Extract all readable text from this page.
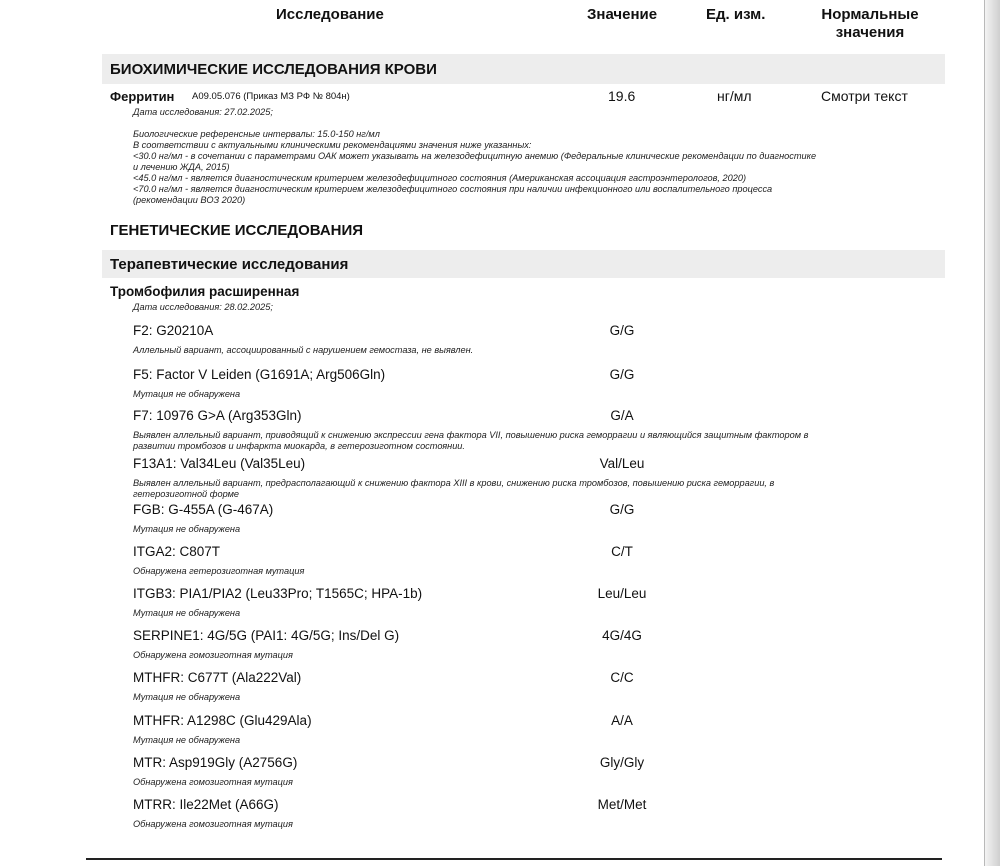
Исследование	Значение	Ед. изм.	Нормальные
значения
БИОХИМИЧЕСКИЕ ИССЛЕДОВАНИЯ КРОВИ
Ферритин A09.05.076 (Приказ МЗ РФ № 804н)	19.6	нг/мл	Смотри текст
Дата исследования: 27.02.2025;
Биологические референсные интервалы: 15.0-150 нг/мл
В соответствии с актуальными клиническими рекомендациями значения ниже указанных:
<30.0 нг/мл - в сочетании с параметрами ОАК может указывать на железодефицитную анемию (Федеральные клинические рекомендации по диагностике
и лечению ЖДА, 2015)
<45.0 нг/мл - является диагностическим критерием железодефицитного состояния (Американская ассоциация гастроэнтерологов, 2020)
<70.0 нг/мл - является диагностическим критерием железодефицитного состояния при наличии инфекционного или воспалительного процесса
(рекомендации ВОЗ 2020)
ГЕНЕТИЧЕСКИЕ ИССЛЕДОВАНИЯ
Терапевтические исследования
Тромбофилия расширенная
Дата исследования: 28.02.2025;
F2: G20210A	G/G
Аллельный вариант, ассоциированный с нарушением гемостаза, не выявлен.
F5: Factor V Leiden (G1691A; Arg506Gln)	G/G
Мутация не обнаружена
F7: 10976 G>A (Arg353Gln)	G/A
Выявлен аллельный вариант, приводящий к снижению экспрессии гена фактора VII, повышению риска геморрагии и являющийся защитным фактором в
развитии тромбозов и инфаркта миокарда, в гетерозиготном состоянии.
F13A1: Val34Leu (Val35Leu)	Val/Leu
Выявлен аллельный вариант, предрасполагающий к снижению фактора XIII в крови, снижению риска тромбозов, повышению риска геморрагии, в
гетерозиготной форме
FGB: G-455A (G-467A)	G/G
Мутация не обнаружена
ITGA2: C807T	C/T
Обнаружена гетерозиготная мутация
ITGB3: PIA1/PIA2 (Leu33Pro; T1565C; HPA-1b)	Leu/Leu
Мутация не обнаружена
SERPINE1: 4G/5G (PAI1: 4G/5G; Ins/Del G)	4G/4G
Обнаружена гомозиготная мутация
MTHFR: C677T (Ala222Val)	C/C
Мутация не обнаружена
MTHFR: A1298C (Glu429Ala)	A/A
Мутация не обнаружена
MTR: Asp919Gly (A2756G)	Gly/Gly
Обнаружена гомозиготная мутация
MTRR: Ile22Met (A66G)	Met/Met
Обнаружена гомозиготная мутация
